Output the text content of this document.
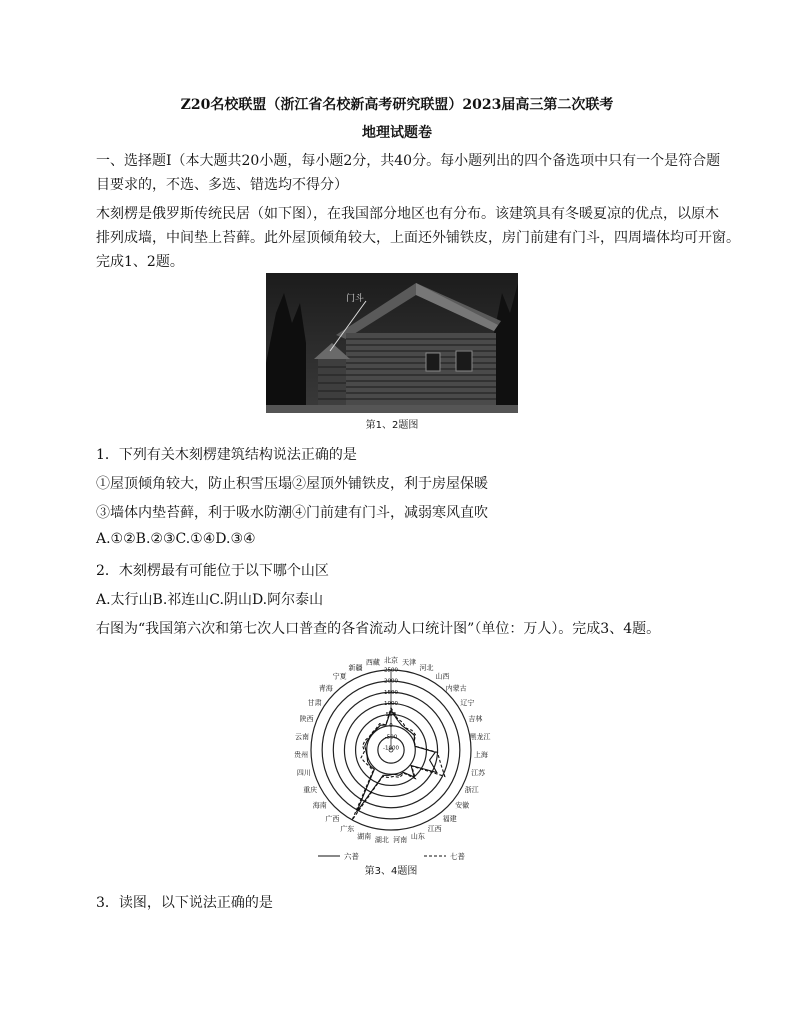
Z20名校联盟（浙江省名校新高考研究联盟）2023届高三第二次联考
地理试题卷
一、选择题Ⅰ（本大题共20小题，每小题2分，共40分。每小题列出的四个备选项中只有一个是符合题
目要求的，不选、多选、错选均不得分）
木刻楞是俄罗斯传统民居（如下图），在我国部分地区也有分布。该建筑具有冬暖夏凉的优点，以原木
排列成墙，中间垫上苔藓。此外屋顶倾角较大，上面还外铺铁皮，房门前建有门斗，四周墙体均可开窗。
完成1、2题。
门斗
第1、2题图
1．下列有关木刻楞建筑结构说法正确的是
①屋顶倾角较大，防止积雪压塌②屋顶外铺铁皮，利于房屋保暖
③墙体内垫苔藓，利于吸水防潮④门前建有门斗，减弱寒风直吹
A.①②B.②③C.①④D.③④
2．木刻楞最有可能位于以下哪个山区
A.太行山B.祁连山C.阴山D.阿尔泰山
右图为“我国第六次和第七次人口普查的各省流动人口统计图”（单位：万人）。完成3、4题。
-1000
-500
0
500
1000
1500
2000
2500
北京 天津
河北
山西
内蒙古
辽宁
吉林
黑龙江
上海
江苏
浙江
安徽
福建
江西
山东
河南
湖北
湖南
广东
广西
海南
重庆
四川
贵州
云南
陕西
甘肃
青海
宁夏
新疆
西藏
六普	七普
第3、4题图
3．读图，以下说法正确的是
